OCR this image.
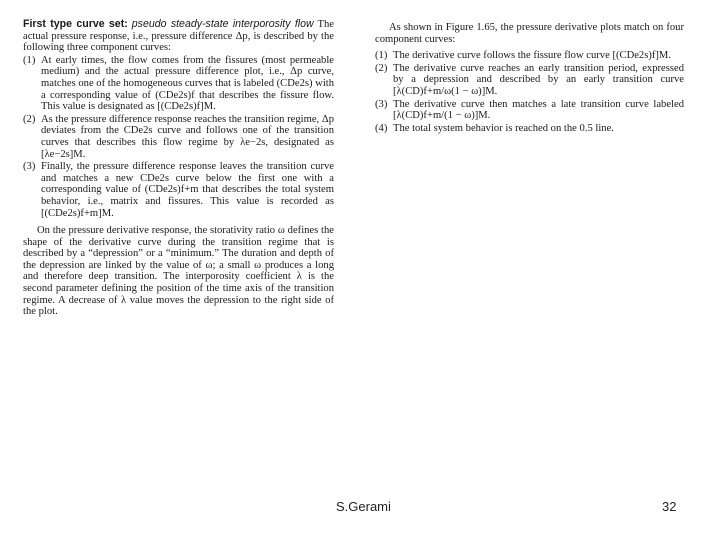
First type curve set: pseudo steady-state interporosity flow The actual pressure response, i.e., pressure difference Δp, is described by the following three component curves:

(1) At early times, the flow comes from the fissures (most permeable medium) and the actual pressure difference plot, i.e., Δp curve, matches one of the homogeneous curves that is labeled (CDe2s) with a corresponding value of (CDe2s)f that describes the fissure flow. This value is designated as [(CDe2s)f]M.
(2) As the pressure difference response reaches the transition regime, Δp deviates from the CDe2s curve and follows one of the transition curves that describes this flow regime by λe−2s, designated as [λe−2s]M.
(3) Finally, the pressure difference response leaves the transition curve and matches a new CDe2s curve below the first one with a corresponding value of (CDe2s)f+m that describes the total system behavior, i.e., matrix and fissures. This value is recorded as [(CDe2s)f+m]M.

On the pressure derivative response, the storativity ratio ω defines the shape of the derivative curve during the transition regime that is described by a “depression” or a “minimum.” The duration and depth of the depression are linked by the value of ω; a small ω produces a long and therefore deep transition. The interporosity coefficient λ is the second parameter defining the position of the time axis of the transition regime. A decrease of λ value moves the depression to the right side of the plot.

As shown in Figure 1.65, the pressure derivative plots match on four component curves:

(1) The derivative curve follows the fissure flow curve [(CDe2s)f]M.
(2) The derivative curve reaches an early transition period, expressed by a depression and described by an early transition curve [λ(CD)f+m/ω(1 − ω)]M.
(3) The derivative curve then matches a late transition curve labeled [λ(CD)f+m/(1 − ω)]M.
(4) The total system behavior is reached on the 0.5 line.
S.Gerami	32
